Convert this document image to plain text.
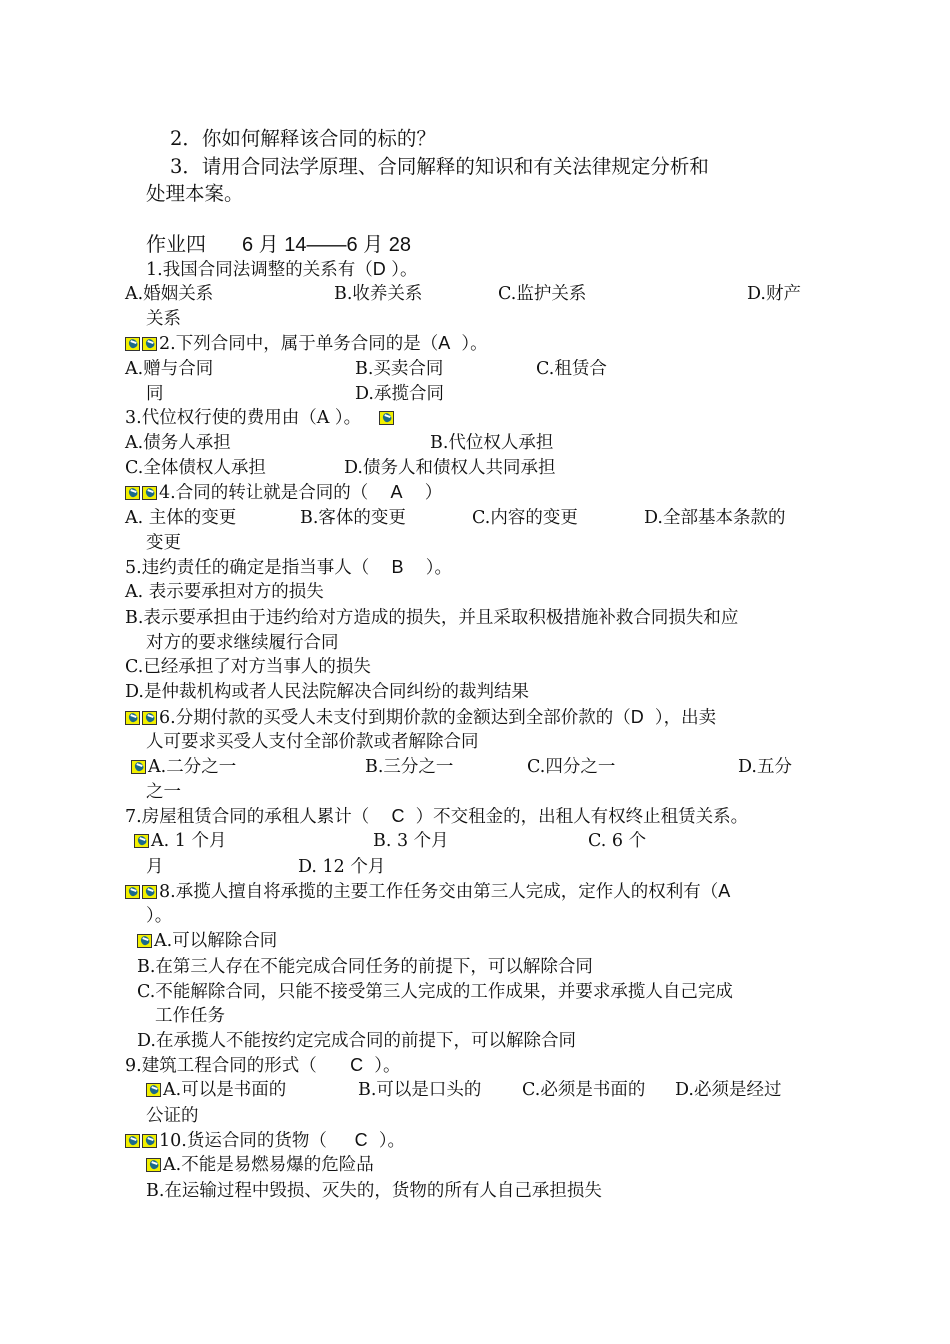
2．你如何解释该合同的标的？
3．请用合同法学原理、合同解释的知识和有关法律规定分析和
处理本案。
作业四 6 月 14——6 月 28
1.我国合同法调整的关系有（D ）。
A.婚姻关系	B.收养关系	C.监护关系	D.财产
关系
2.下列合同中，属于单务合同的是（A ）。
A.赠与合同	B.买卖合同	C.租赁合
同	D.承揽合同
3.代位权行使的费用由（A ）。
A.债务人承担	B.代位权人承担
C.全体债权人承担	D.债务人和债权人共同承担
4.合同的转让就是合同的（ A ）
A. 主体的变更	B.客体的变更	C.内容的变更	D.全部基本条款的
变更
5.违约责任的确定是指当事人（ B ）。
A. 表示要承担对方的损失
B.表示要承担由于违约给对方造成的损失，并且采取积极措施补救合同损失和应
对方的要求继续履行合同
C.已经承担了对方当事人的损失
D.是仲裁机构或者人民法院解决合同纠纷的裁判结果
6.分期付款的买受人未支付到期价款的金额达到全部价款的（D ），出卖
人可要求买受人支付全部价款或者解除合同
A.二分之一	B.三分之一	C.四分之一	D.五分
之一
7.房屋租赁合同的承租人累计（ C ）不交租金的，出租人有权终止租赁关系。
A. 1 个月	B. 3 个月	C. 6 个
月	D. 12 个月
8.承揽人擅自将承揽的主要工作任务交由第三人完成，定作人的权利有（A
）。
A.可以解除合同
B.在第三人存在不能完成合同任务的前提下，可以解除合同
C.不能解除合同，只能不接受第三人完成的工作成果，并要求承揽人自己完成
工作任务
D.在承揽人不能按约定完成合同的前提下，可以解除合同
9.建筑工程合同的形式（ C ）。
A.可以是书面的	B.可以是口头的 C.必须是书面的 D.必须是经过
公证的
10.货运合同的货物（ C ）。
A.不能是易燃易爆的危险品
B.在运输过程中毁损、灭失的，货物的所有人自己承担损失
